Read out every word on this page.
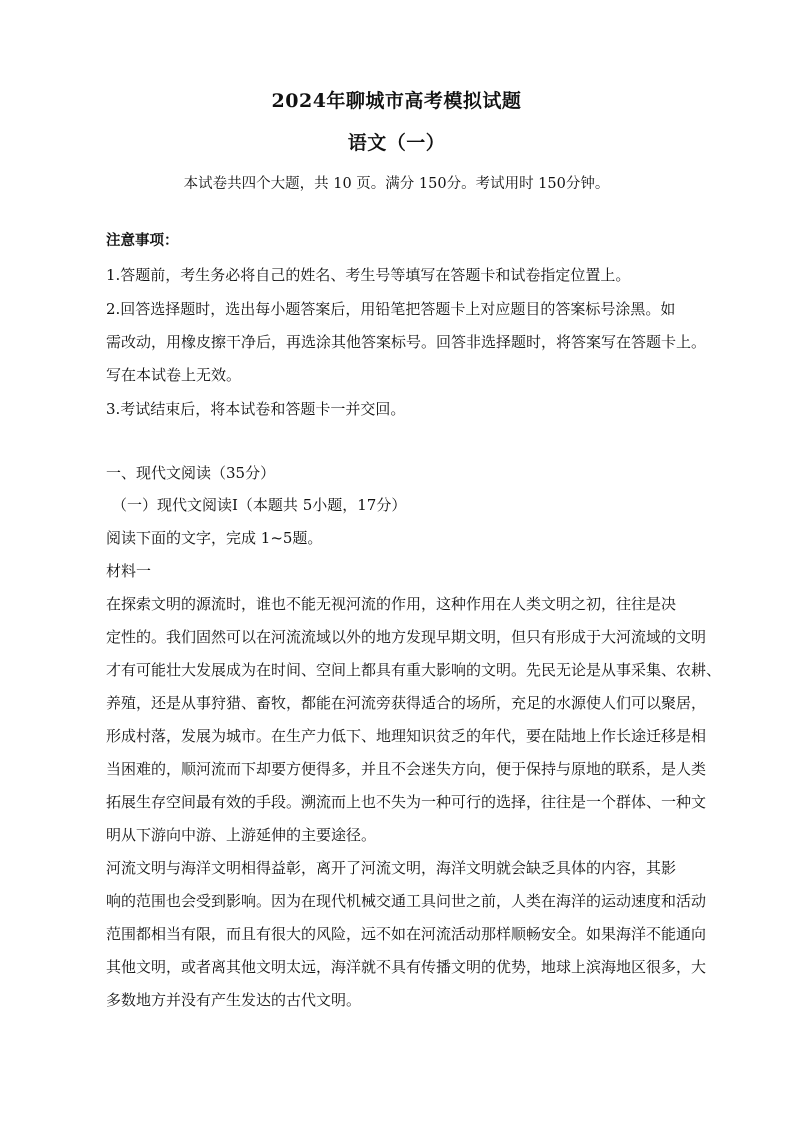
2024年聊城市高考模拟试题
语文（一）
本试卷共四个大题，共 10 页。满分 150分。考试用时 150分钟。
注意事项：
1.答题前，考生务必将自己的姓名、考生号等填写在答题卡和试卷指定位置上。
2.回答选择题时，选出每小题答案后，用铅笔把答题卡上对应题目的答案标号涂黑。如
需改动，用橡皮擦干净后，再选涂其他答案标号。回答非选择题时，将答案写在答题卡上。
写在本试卷上无效。
3.考试结束后，将本试卷和答题卡一并交回。
一、现代文阅读（35分）
（一）现代文阅读Ⅰ（本题共 5小题，17分）
阅读下面的文字，完成 1~5题。
材料一
在探索文明的源流时，谁也不能无视河流的作用，这种作用在人类文明之初，往往是决
定性的。我们固然可以在河流流域以外的地方发现早期文明，但只有形成于大河流域的文明
才有可能壮大发展成为在时间、空间上都具有重大影响的文明。先民无论是从事采集、农耕、
养殖，还是从事狩猎、畜牧，都能在河流旁获得适合的场所，充足的水源使人们可以聚居，
形成村落，发展为城市。在生产力低下、地理知识贫乏的年代，要在陆地上作长途迁移是相
当困难的，顺河流而下却要方便得多，并且不会迷失方向，便于保持与原地的联系，是人类
拓展生存空间最有效的手段。溯流而上也不失为一种可行的选择，往往是一个群体、一种文
明从下游向中游、上游延伸的主要途径。
河流文明与海洋文明相得益彰，离开了河流文明，海洋文明就会缺乏具体的内容，其影
响的范围也会受到影响。因为在现代机械交通工具问世之前，人类在海洋的运动速度和活动
范围都相当有限，而且有很大的风险，远不如在河流活动那样顺畅安全。如果海洋不能通向
其他文明，或者离其他文明太远，海洋就不具有传播文明的优势，地球上滨海地区很多，大
多数地方并没有产生发达的古代文明。
